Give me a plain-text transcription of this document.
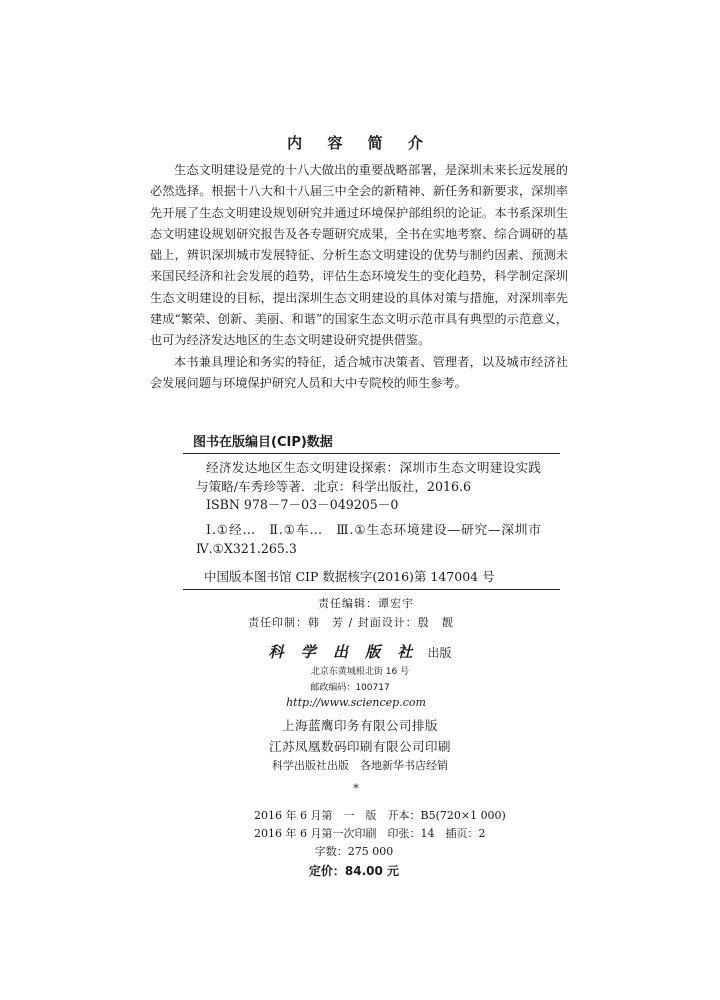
内 容 简 介

生态文明建设是党的十八大做出的重要战略部署，是深圳未来长远发展的必然选择。根据十八大和十八届三中全会的新精神、新任务和新要求，深圳率先开展了生态文明建设规划研究并通过环境保护部组织的论证。本书系深圳生态文明建设规划研究报告及各专题研究成果，全书在实地考察、综合调研的基础上，辨识深圳城市发展特征、分析生态文明建设的优势与制约因素、预测未来国民经济和社会发展的趋势，评估生态环境发生的变化趋势，科学制定深圳生态文明建设的目标，提出深圳生态文明建设的具体对策与措施，对深圳率先建成“繁荣、创新、美丽、和谐”的国家生态文明示范市具有典型的示范意义，也可为经济发达地区的生态文明建设研究提供借鉴。

本书兼具理论和务实的特征，适合城市决策者、管理者，以及城市经济社会发展问题与环境保护研究人员和大中专院校的师生参考。

图书在版编目(CIP)数据

经济发达地区生态文明建设探索：深圳市生态文明建设实践与策略/车秀珍等著．北京：科学出版社，2016.6

ISBN 978－7－03－049205－0

Ⅰ.①经…　Ⅱ.①车…　Ⅲ.①生态环境建设—研究—深圳市　Ⅳ.①X321.265.3

中国版本图书馆 CIP 数据核字(2016)第 147004 号
责任编辑：谭宏宇
责任印制：韩　芳 / 封面设计：殷　靓
科 学 出 版 社 出版
北京东黄城根北街 16 号
邮政编码：100717
http://www.sciencep.com
上海蓝鹰印务有限公司排版
江苏凤凰数码印刷有限公司印刷
科学出版社出版　各地新华书店经销
*
2016 年 6 月第　一　版　开本：B5(720×1 000)
2016 年 6 月第一次印刷　印张：14　插页：2
字数：275 000
定价：84.00 元
